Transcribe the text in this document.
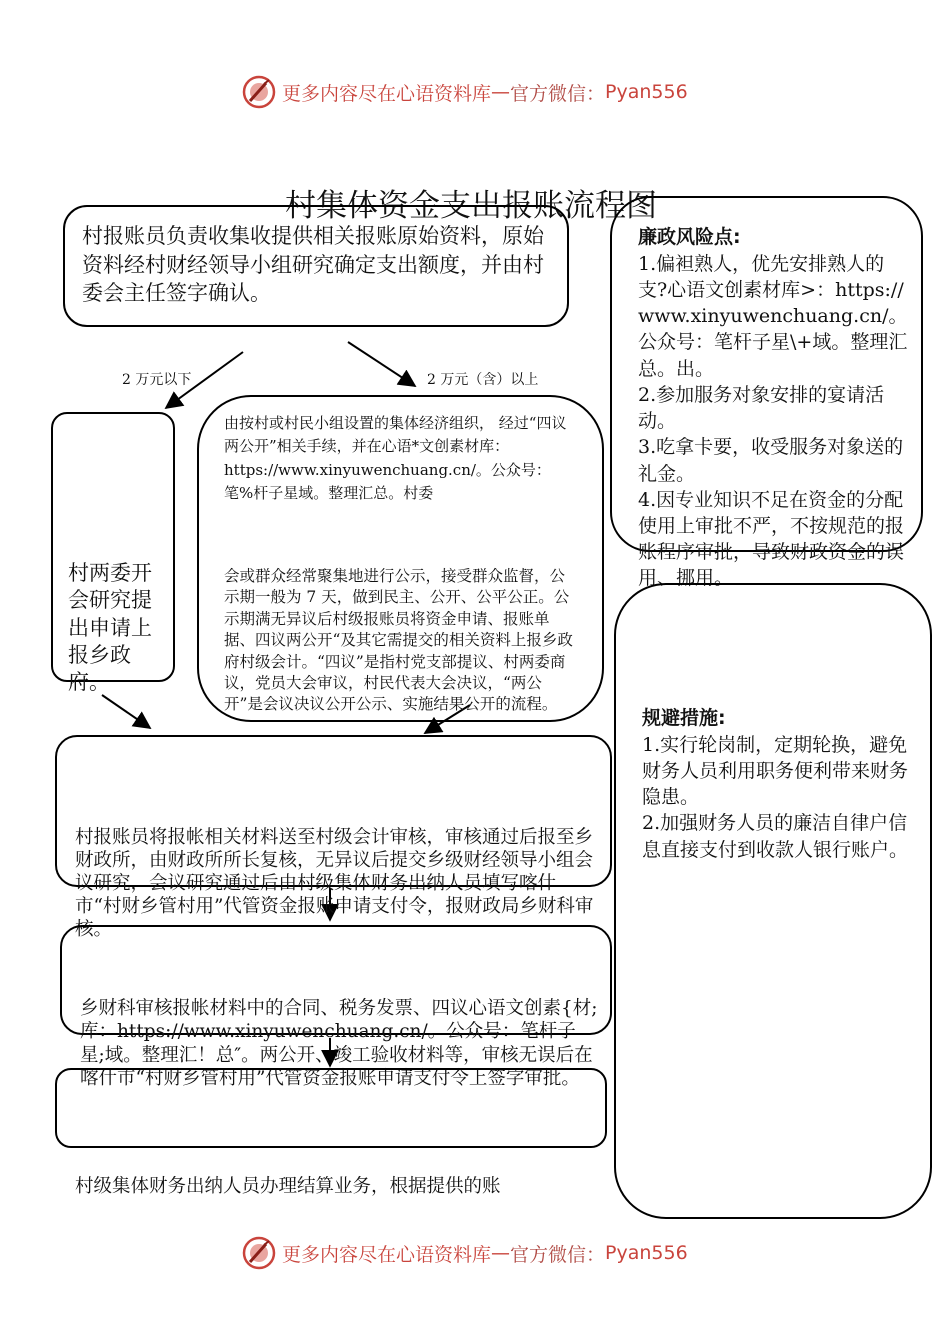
更多内容尽在心语资料库 — 官方微信： Pyan556
村集体资金支出报账流程图
村报账员负责收集收提供相关报账原始资料，原始资料经村财经领导小组研究确定支出额度，并由村委会主任签字确认。
2 万元以下	2 万元（含）以上
村两委开会研究提出申请上报乡政府。
由按村或村民小组设置的集体经济组织， 经过“四议两公开”相关手续，并在心语*文创素材库：https://www.xinyuwenchuang.cn/。公众号：笔%杆子星域。整理汇总。村委
会或群众经常聚集地进行公示，接受群众监督，公示期一般为 7 天，做到民主、公开、公平公正。公示期满无异议后村级报账员将资金申请、报账单据、四议两公开“及其它需提交的相关资料上报乡政府村级会计。“四议”是指村党支部提议、村两委商议，党员大会审议，村民代表大会决议，“两公开”是会议决议公开公示、实施结果公开的流程。
村报账员将报帐相关材料送至村级会计审核，审核通过后报至乡财政所，由财政所所长复核，无异议后提交乡级财经领导小组会议研究，会议研究通过后由村级集体财务出纳人员填写喀什市“村财乡管村用”代管资金报账申请支付令，报财政局乡财科审核。
乡财科审核报帐材料中的合同、税务发票、四议心语文创素{材;库：https://www.xinyuwenchuang.cn/。公众号：笔杆子星;域。整理汇！总″。两公开、竣工验收材料等，审核无误后在喀什市“村财乡管村用”代管资金报账申请支付令上签字审批。
村级集体财务出纳人员办理结算业务，根据提供的账
廉政风险点:

1.偏袒熟人，优先安排熟人的支?心语文创素材库>：https://www.xinyuwenchuang.cn/。公众号：笔杆子星\+域。整理汇总。出。

2.参加服务对象安排的宴请活动。

3.吃拿卡要，收受服务对象送的礼金。

4.因专业知识不足在资金的分配使用上审批不严，不按规范的报账程序审批，导致财政资金的误用、挪用。

规避措施:

1.实行轮岗制，定期轮换，避免财务人员利用职务便利带来财务隐患。

2.加强财务人员的廉洁自律户信息直接支付到收款人银行账户。

更多内容尽在心语资料库 — 官方微信： Pyan556
